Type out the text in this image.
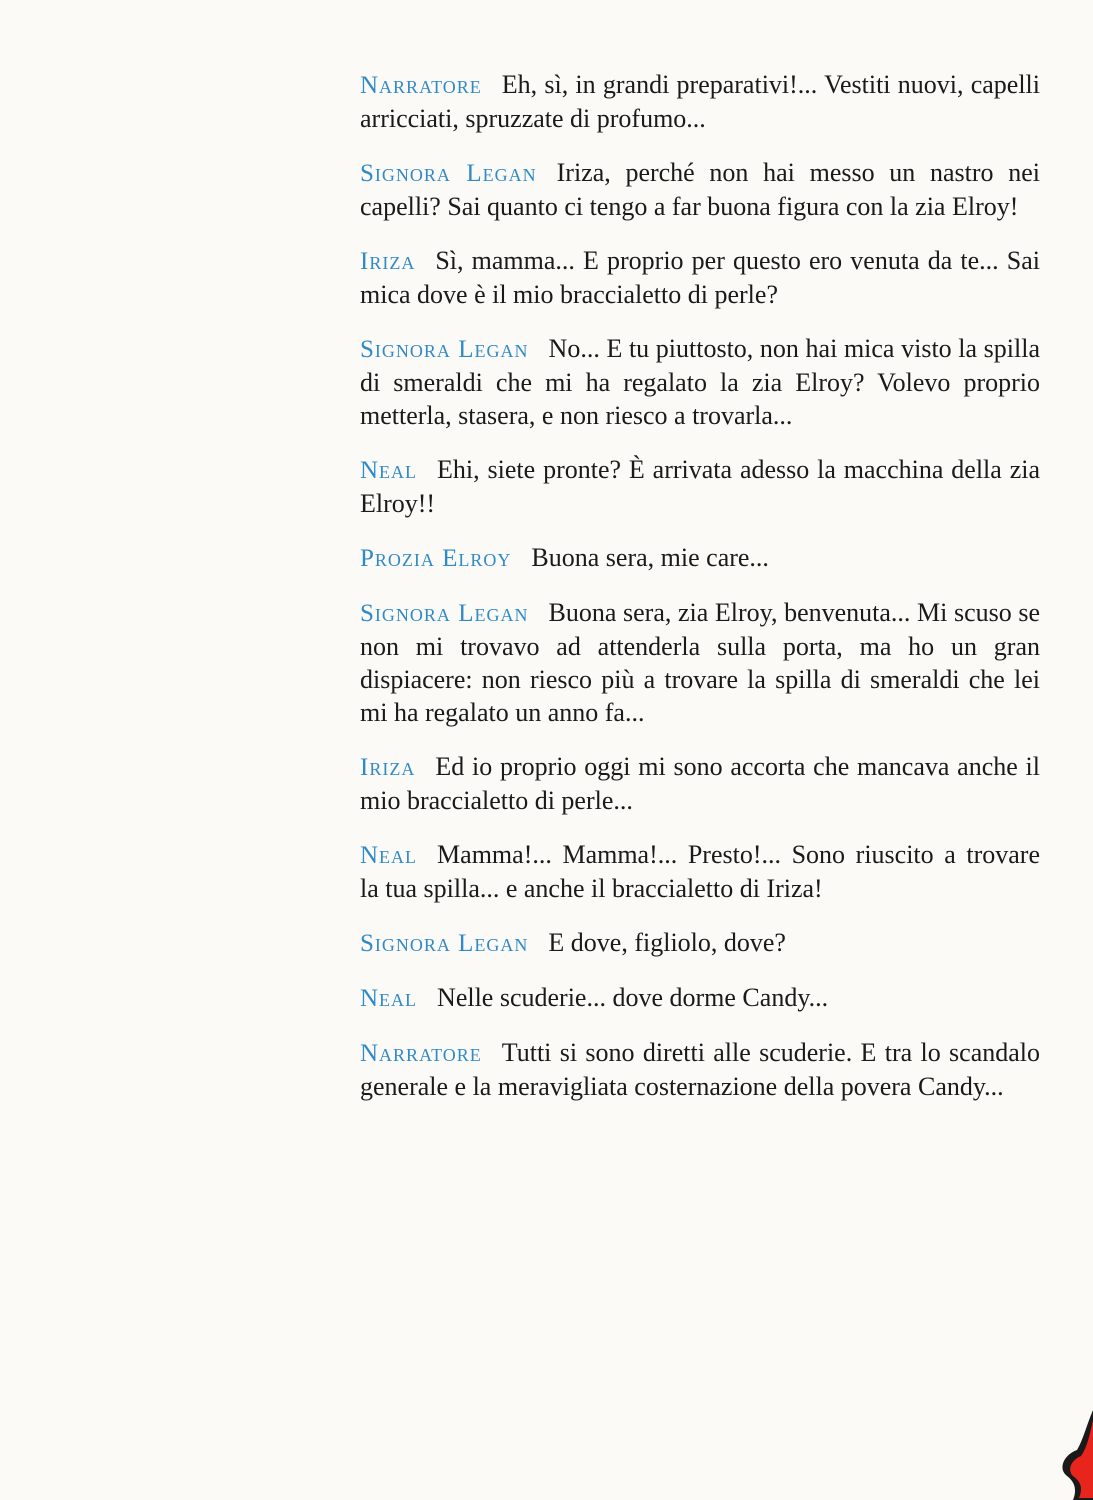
Narratore Eh, sì, in grandi preparativi!... Vestiti nuovi, capelli arricciati, spruzzate di profumo...

Signora Legan Iriza, perché non hai messo un nastro nei capelli? Sai quanto ci tengo a far buona figura con la zia Elroy!

Iriza Sì, mamma... E proprio per questo ero venuta da te... Sai mica dove è il mio braccialetto di perle?

Signora Legan No... E tu piuttosto, non hai mica visto la spilla di smeraldi che mi ha regalato la zia Elroy? Volevo proprio metterla, stasera, e non riesco a trovarla...

Neal Ehi, siete pronte? È arrivata adesso la macchina della zia Elroy!!

Prozia Elroy Buona sera, mie care...

Signora Legan Buona sera, zia Elroy, benvenuta... Mi scuso se non mi trovavo ad attenderla sulla porta, ma ho un gran dispiacere: non riesco più a trovare la spilla di smeraldi che lei mi ha regalato un anno fa...

Iriza Ed io proprio oggi mi sono accorta che mancava anche il mio braccialetto di perle...

Neal Mamma!... Mamma!... Presto!... Sono riuscito a trovare la tua spilla... e anche il braccialetto di Iriza!

Signora Legan E dove, figliolo, dove?

Neal Nelle scuderie... dove dorme Candy...

Narratore Tutti si sono diretti alle scuderie. E tra lo scandalo generale e la meravigliata costernazione della povera Candy...
